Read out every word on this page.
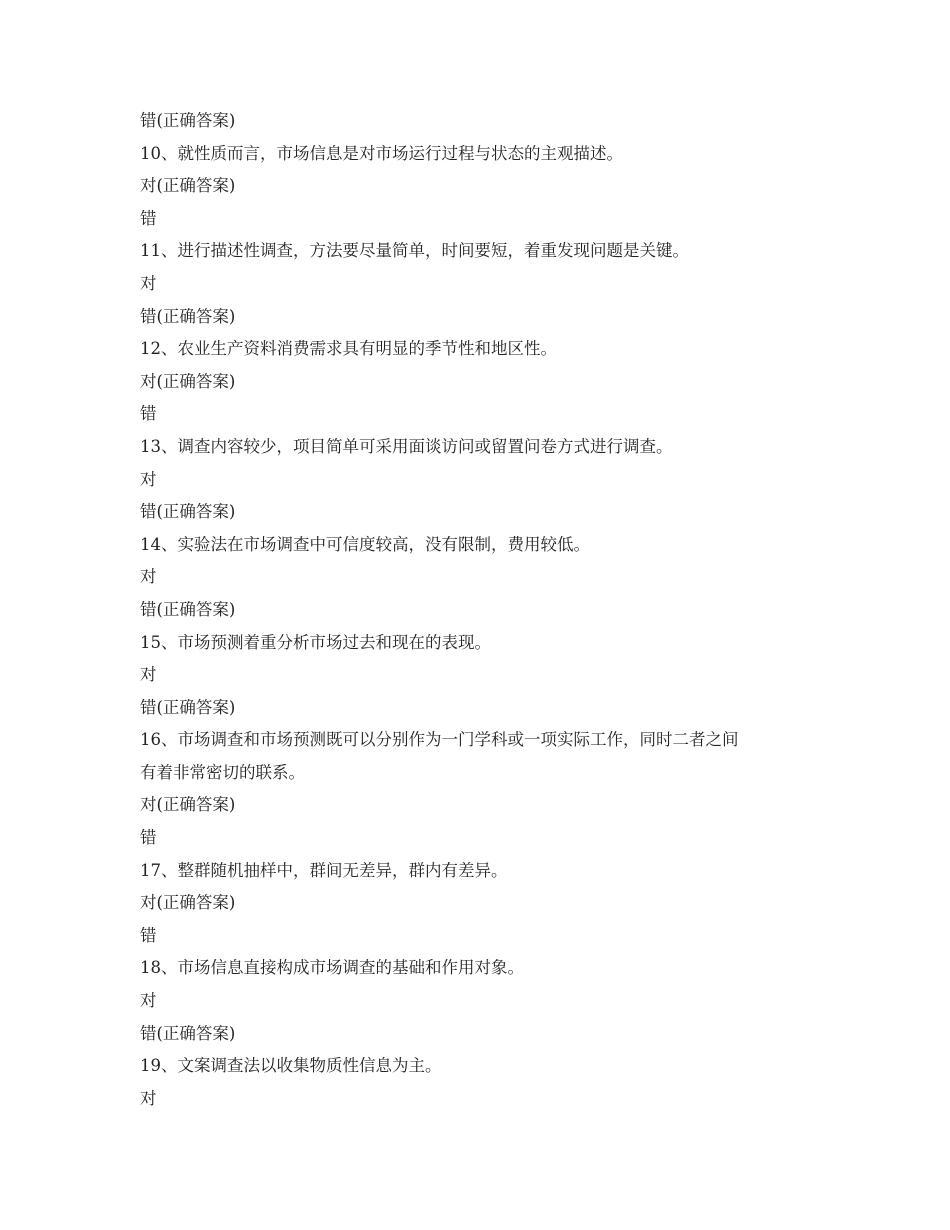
错(正确答案)
10、就性质而言，市场信息是对市场运行过程与状态的主观描述。
对(正确答案)
错
11、进行描述性调查，方法要尽量简单，时间要短，着重发现问题是关键。
对
错(正确答案)
12、农业生产资料消费需求具有明显的季节性和地区性。
对(正确答案)
错
13、调查内容较少，项目简单可采用面谈访问或留置问卷方式进行调查。
对
错(正确答案)
14、实验法在市场调查中可信度较高，没有限制，费用较低。
对
错(正确答案)
15、市场预测着重分析市场过去和现在的表现。
对
错(正确答案)
16、市场调查和市场预测既可以分别作为一门学科或一项实际工作，同时二者之间
有着非常密切的联系。
对(正确答案)
错
17、整群随机抽样中，群间无差异，群内有差异。
对(正确答案)
错
18、市场信息直接构成市场调查的基础和作用对象。
对
错(正确答案)
19、文案调查法以收集物质性信息为主。
对
